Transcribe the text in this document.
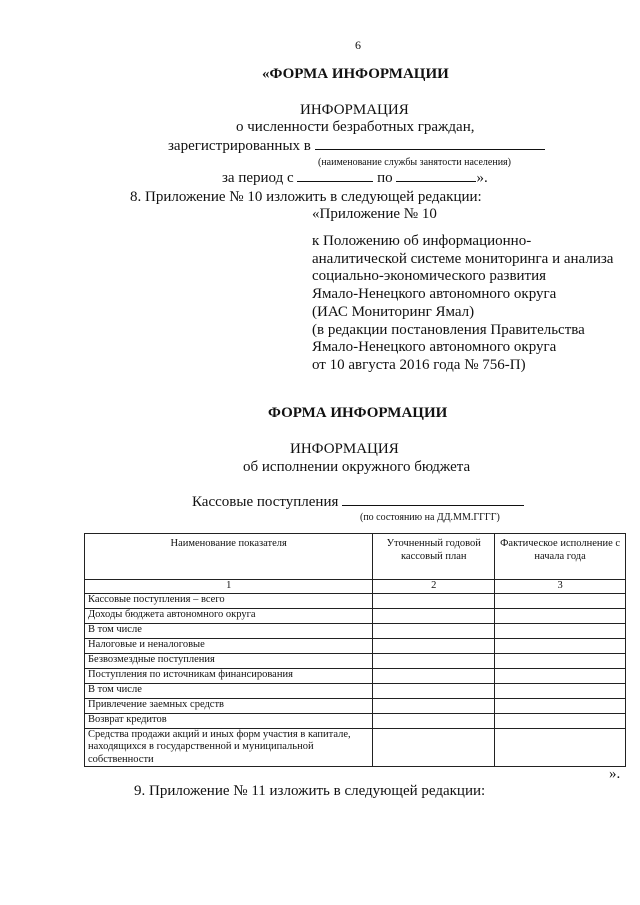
6
«ФОРМА ИНФОРМАЦИИ
ИНФОРМАЦИЯ
о численности безработных граждан,
зарегистрированных в
(наименование службы занятости населения)
за период с	по	».
8. Приложение № 10 изложить в следующей редакции:
«Приложение № 10
к Положению об информационно-
аналитической системе мониторинга и анализа
социально-экономического развития
Ямало-Ненецкого автономного округа
(ИАС Мониторинг Ямал)
(в редакции постановления Правительства
Ямало-Ненецкого автономного округа
от 10 августа 2016 года № 756-П)
ФОРМА ИНФОРМАЦИИ
ИНФОРМАЦИЯ
об исполнении окружного бюджета
Кассовые поступления
(по состоянию на ДД.ММ.ГГГГ)
Наименование показателя	Уточненный годовой кассовый план	Фактическое исполнение с начала года
1	2	3
Кассовые поступления – всего		
Доходы бюджета автономного округа		
В том числе		
Налоговые и неналоговые		
Безвозмездные поступления		
Поступления по источникам финансирования		
В том числе		
Привлечение заемных средств		
Возврат кредитов		
Средства продажи акций и иных форм участия в капитале, находящихся в государственной и муниципальной собственности		
».
9. Приложение № 11 изложить в следующей редакции:
